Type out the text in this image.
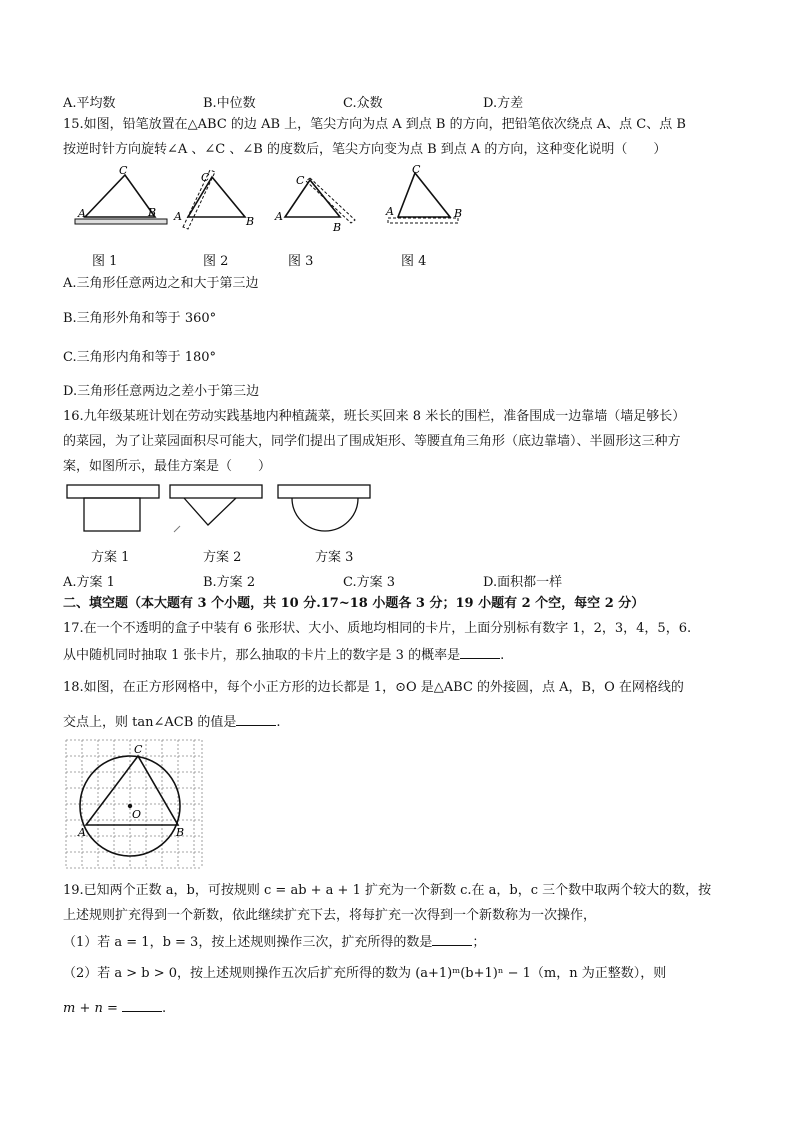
A.平均数	B.中位数	C.众数	D.方差
15.如图，铅笔放置在△ABC 的边 AB 上，笔尖方向为点 A 到点 B 的方向，把铅笔依次绕点 A、点 C、点 B
按逆时针方向旋转∠A 、∠C 、∠B 的度数后，笔尖方向变为点 B 到点 A 的方向，这种变化说明（　　）
A
C
B A
C
B A
C
B
A
C
B
图 1	图 2	图 3	图 4
A.三角形任意两边之和大于第三边
B.三角形外角和等于 360°
C.三角形内角和等于 180°
D.三角形任意两边之差小于第三边
16.九年级某班计划在劳动实践基地内种植蔬菜，班长买回来 8 米长的围栏，准备围成一边靠墙（墙足够长）
的菜园，为了让菜园面积尽可能大，同学们提出了围成矩形、等腰直角三角形（底边靠墙）、半圆形这三种方
案，如图所示，最佳方案是（　　）
方案 1	方案 2	方案 3
A.方案 1	B.方案 2	C.方案 3	D.面积都一样
二、填空题（本大题有 3 个小题，共 10 分.17~18 小题各 3 分；19 小题有 2 个空，每空 2 分）
17.在一个不透明的盒子中装有 6 张形状、大小、质地均相同的卡片，上面分别标有数字 1，2，3，4，5，6.
从中随机同时抽取 1 张卡片，那么抽取的卡片上的数字是 3 的概率是	.
18.如图，在正方形网格中，每个小正方形的边长都是 1，⊙O 是△ABC 的外接圆，点 A，B，O 在网格线的
交点上，则 tan∠ACB 的值是	.
C
A	B
O
19.已知两个正数 a，b，可按规则 c = ab + a + 1 扩充为一个新数 c.在 a，b，c 三个数中取两个较大的数，按
上述规则扩充得到一个新数，依此继续扩充下去，将每扩充一次得到一个新数称为一次操作，
（1）若 a = 1，b = 3，按上述规则操作三次，扩充所得的数是	；
（2）若 a > b > 0，按上述规则操作五次后扩充所得的数为 (a+1)ᵐ(b+1)ⁿ − 1（m，n 为正整数），则
m + n =	.
